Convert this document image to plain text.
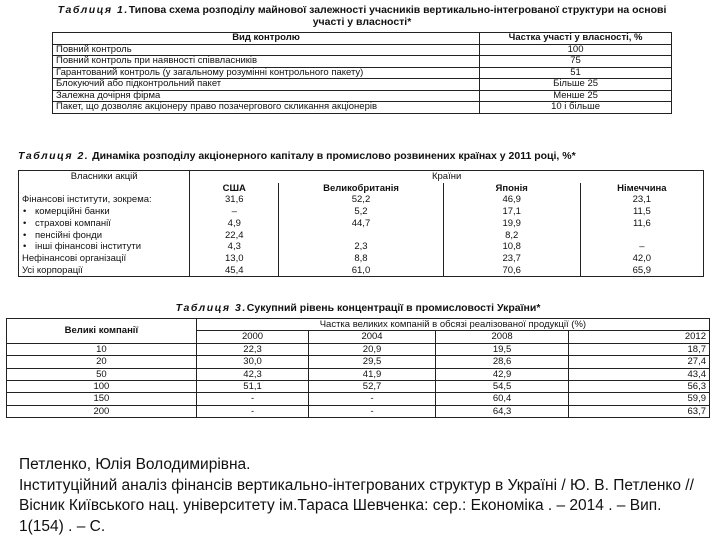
Таблиця 1.Типова схема розподілу майнової залежності учасників вертикально-інтегрованої структури на основі участі у власності*
Вид контролю	Частка участі у власності, %
Повний контроль	100
Повний контроль при наявності співвласників	75
Гарантований контроль (у загальному розумінні контрольного пакету)	51
Блокуючий або підконтрольний пакет	Більше 25
Залежна дочірня фірма	Менше 25
Пакет, що дозволяє акціонеру право позачергового скликання акціонерів	10 і більше
Таблиця 2. Динаміка розподілу акціонерного капіталу в промислово розвинених країнах у 2011 році, %*
Власники акцій	Країни			
	США	Великобританія	Японія	Німеччина
Фінансові інститути, зокрема:	31,6	52,2	46,9	23,1
• комерційні банки	–	5,2	17,1	11,5
• страхові компанії	4,9	44,7	19,9	11,6
• пенсійні фонди	22,4		8,2	
• інші фінансові інститути	4,3	2,3	10,8	–
Нефінансові організації	13,0	8,8	23,7	42,0
Усі корпорації	45,4	61,0	70,6	65,9
Таблиця 3.Сукупний рівень концентрації в промисловості України*
Великі компанії	Частка великих компаній в обсязі реалізованої продукції (%)			
	2000	2004	2008	2012
10	22,3	20,9	19,5	18,7
20	30,0	29,5	28,6	27,4
50	42,3	41,9	42,9	43,4
100	51,1	52,7	54,5	56,3
150	-	-	60,4	59,9
200	-	-	64,3	63,7
Петленко, Юлія Володимирівна.
Інституційний аналіз фінансів вертикально-інтегрованих структур в Україні / Ю. В. Петленко // Вісник Київського нац. університету ім.Тараса Шевченка: сер.: Економіка . – 2014 . – Вип. 1(154) . – С.
